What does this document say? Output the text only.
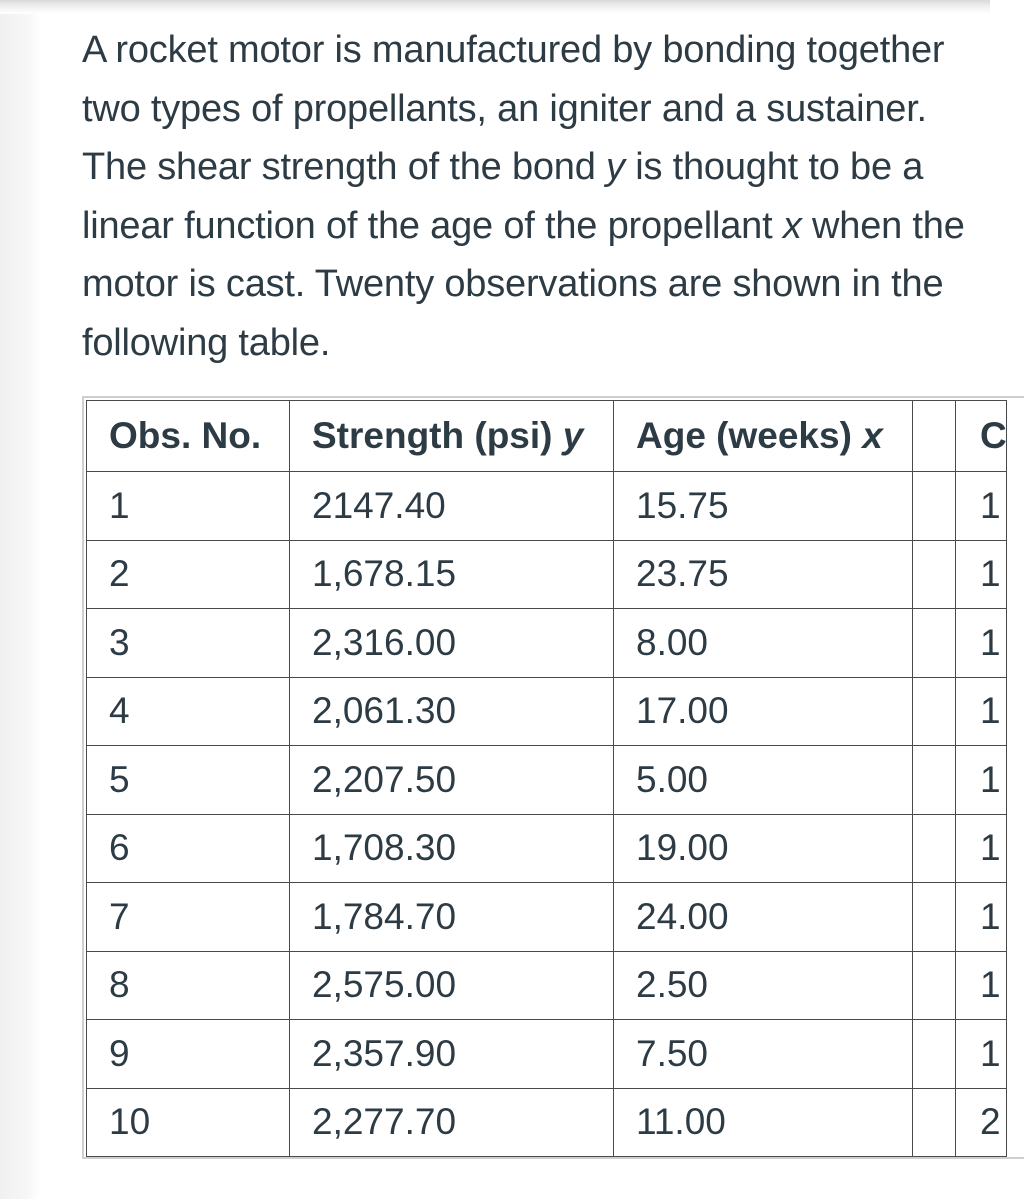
A rocket motor is manufactured by bonding together two types of propellants, an igniter and a sustainer. The shear strength of the bond y is thought to be a linear function of the age of the propellant x when the motor is cast. Twenty observations are shown in the following table.

Obs. No.	Strength (psi) y	Age (weeks) x		C
1	2147.40	15.75		1
2	1,678.15	23.75		1
3	2,316.00	8.00		1
4	2,061.30	17.00		1
5	2,207.50	5.00		1
6	1,708.30	19.00		1
7	1,784.70	24.00		1
8	2,575.00	2.50		1
9	2,357.90	7.50		1
10	2,277.70	11.00		2
